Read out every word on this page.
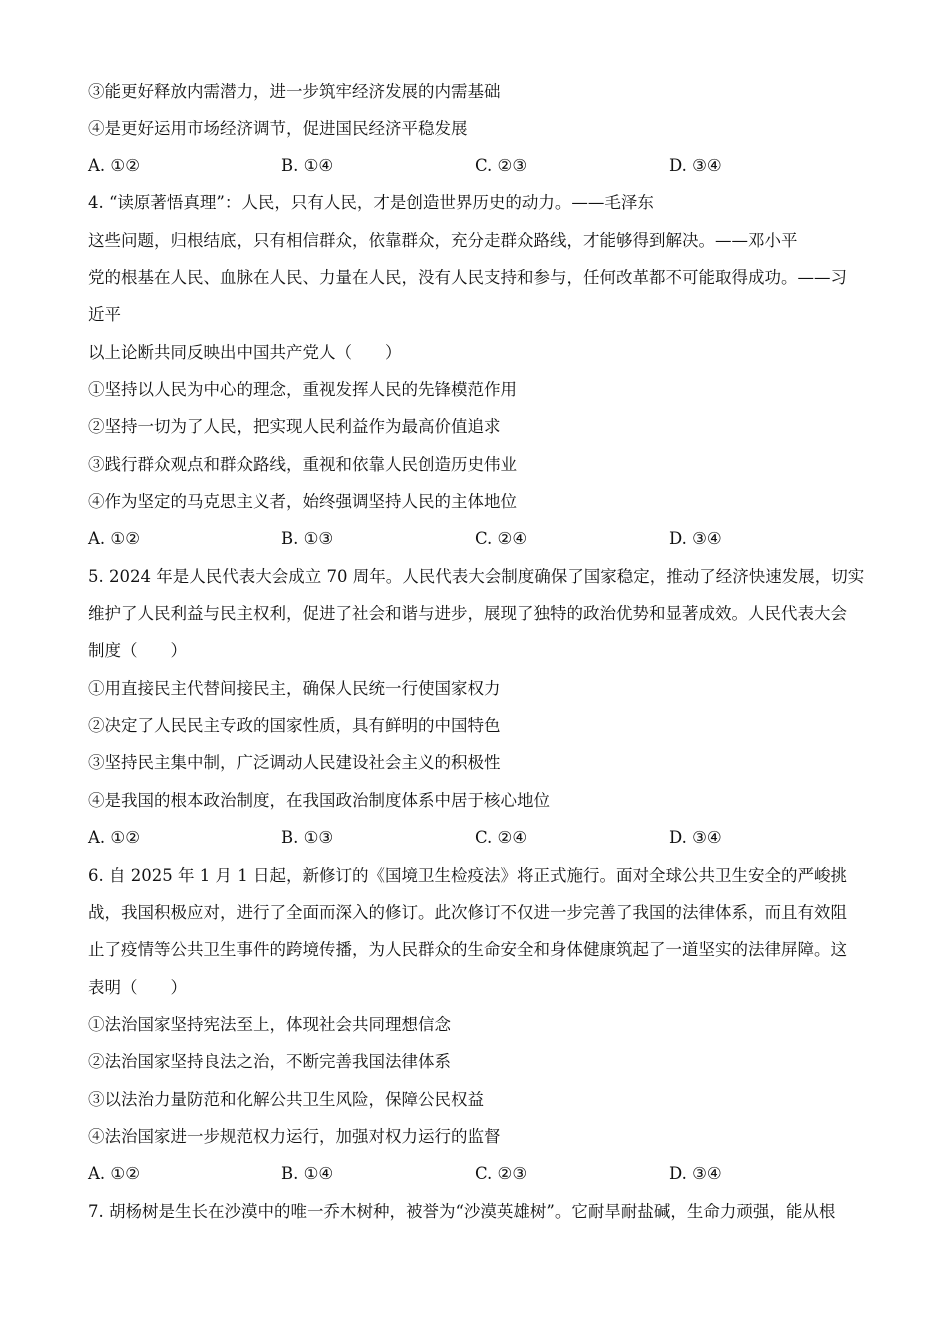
③能更好释放内需潜力，进一步筑牢经济发展的内需基础
④是更好运用市场经济调节，促进国民经济平稳发展
A. ①②	B. ①④	C. ②③	D. ③④
4. “读原著悟真理”：人民，只有人民，才是创造世界历史的动力。——毛泽东
这些问题，归根结底，只有相信群众，依靠群众，充分走群众路线，才能够得到解决。——邓小平
党的根基在人民、血脉在人民、力量在人民，没有人民支持和参与，任何改革都不可能取得成功。——习
近平
以上论断共同反映出中国共产党人（　　）
①坚持以人民为中心的理念，重视发挥人民的先锋模范作用
②坚持一切为了人民，把实现人民利益作为最高价值追求
③践行群众观点和群众路线，重视和依靠人民创造历史伟业
④作为坚定的马克思主义者，始终强调坚持人民的主体地位
A. ①②	B. ①③	C. ②④	D. ③④
5. 2024 年是人民代表大会成立 70 周年。人民代表大会制度确保了国家稳定，推动了经济快速发展，切实
维护了人民利益与民主权利，促进了社会和谐与进步，展现了独特的政治优势和显著成效。人民代表大会
制度（　　）
①用直接民主代替间接民主，确保人民统一行使国家权力
②决定了人民民主专政的国家性质，具有鲜明的中国特色
③坚持民主集中制，广泛调动人民建设社会主义的积极性
④是我国的根本政治制度，在我国政治制度体系中居于核心地位
A. ①②	B. ①③	C. ②④	D. ③④
6. 自 2025 年 1 月 1 日起，新修订的《国境卫生检疫法》将正式施行。面对全球公共卫生安全的严峻挑
战，我国积极应对，进行了全面而深入的修订。此次修订不仅进一步完善了我国的法律体系，而且有效阻
止了疫情等公共卫生事件的跨境传播，为人民群众的生命安全和身体健康筑起了一道坚实的法律屏障。这
表明（　　）
①法治国家坚持宪法至上，体现社会共同理想信念
②法治国家坚持良法之治，不断完善我国法律体系
③以法治力量防范和化解公共卫生风险，保障公民权益
④法治国家进一步规范权力运行，加强对权力运行的监督
A. ①②	B. ①④	C. ②③	D. ③④
7. 胡杨树是生长在沙漠中的唯一乔木树种，被誉为“沙漠英雄树”。它耐旱耐盐碱，生命力顽强，能从根
